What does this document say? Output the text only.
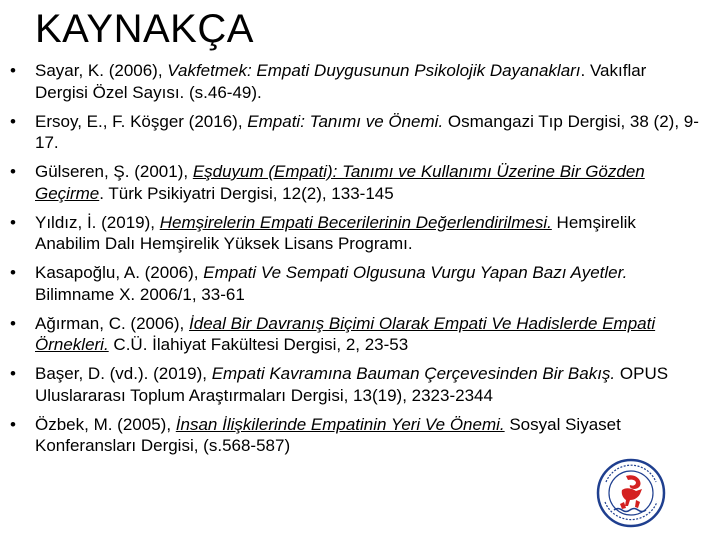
KAYNAKÇA
• Sayar, K. (2006), Vakfetmek: Empati Duygusunun Psikolojik Dayanakları. Vakıflar Dergisi Özel Sayısı. (s.46-49).
• Ersoy, E., F. Köşger (2016), Empati: Tanımı ve Önemi. Osmangazi Tıp Dergisi, 38 (2), 9-17.
• Gülseren, Ş. (2001), Eşduyum (Empati): Tanımı ve Kullanımı Üzerine Bir Gözden Geçirme. Türk Psikiyatri Dergisi, 12(2), 133-145
• Yıldız, İ. (2019), Hemşirelerin Empati Becerilerinin Değerlendirilmesi. Hemşirelik Anabilim Dalı Hemşirelik Yüksek Lisans Programı.
• Kasapoğlu, A. (2006), Empati Ve Sempati Olgusuna Vurgu Yapan Bazı Ayetler. Bilimname X. 2006/1, 33-61
• Ağırman, C. (2006), İdeal Bir Davranış Biçimi Olarak Empati Ve Hadislerde Empati Örnekleri. C.Ü. İlahiyat Fakültesi Dergisi, 2, 23-53
• Başer, D. (vd.). (2019), Empati Kavramına Bauman Çerçevesinden Bir Bakış. OPUS Uluslararası Toplum Araştırmaları Dergisi, 13(19), 2323-2344
• Özbek, M. (2005), İnsan İlişkilerinde Empatinin Yeri Ve Önemi. Sosyal Siyaset Konferansları Dergisi, (s.568-587)
